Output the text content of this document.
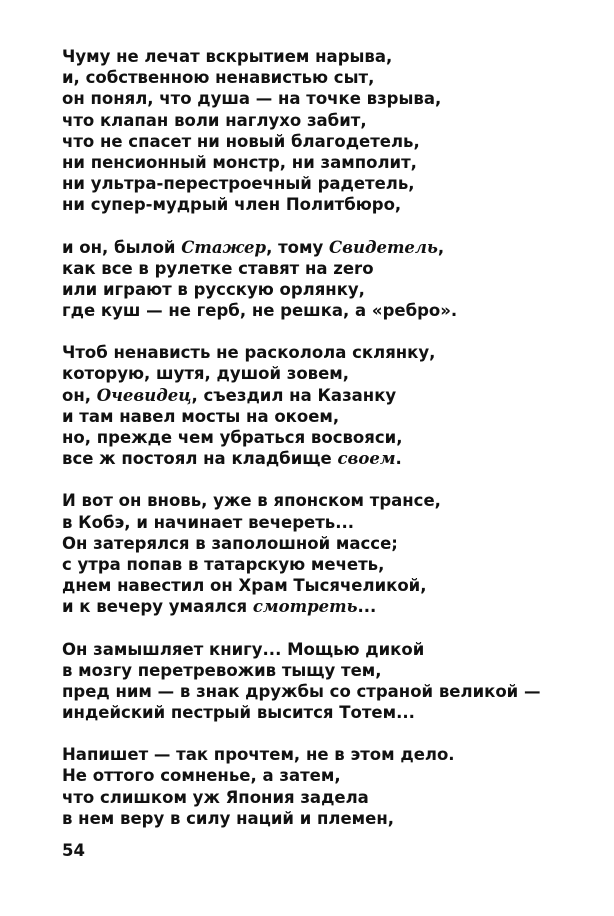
Чуму не лечат вскрытием нарыва,
и, собственною ненавистью сыт,
он понял, что душа — на точке взрыва,
что клапан воли наглухо забит,
что не спасет ни новый благодетель,
ни пенсионный монстр, ни замполит,
ни ультра-перестроечный радетель,
ни супер-мудрый член Политбюро,
и он, былой Стажер, тому Свидетель,
как все в рулетке ставят на zero
или играют в русскую орлянку,
где куш — не герб, не решка, а «ребро».
Чтоб ненависть не расколола склянку,
которую, шутя, душой зовем,
он, Очевидец, съездил на Казанку
и там навел мосты на окоем,
но, прежде чем убраться восвояси,
все ж постоял на кладбище своем.
И вот он вновь, уже в японском трансе,
в Кобэ, и начинает вечереть...
Он затерялся в заполошной массе;
с утра попав в татарскую мечеть,
днем навестил он Храм Тысячеликой,
и к вечеру умаялся смотреть...
Он замышляет книгу... Мощью дикой
в мозгу перетревожив тыщу тем,
пред ним — в знак дружбы со страной великой —
индейский пестрый высится Тотем...
Напишет — так прочтем, не в этом дело.
Не оттого сомненье, а затем,
что слишком уж Япония задела
в нем веру в силу наций и племен,
54
